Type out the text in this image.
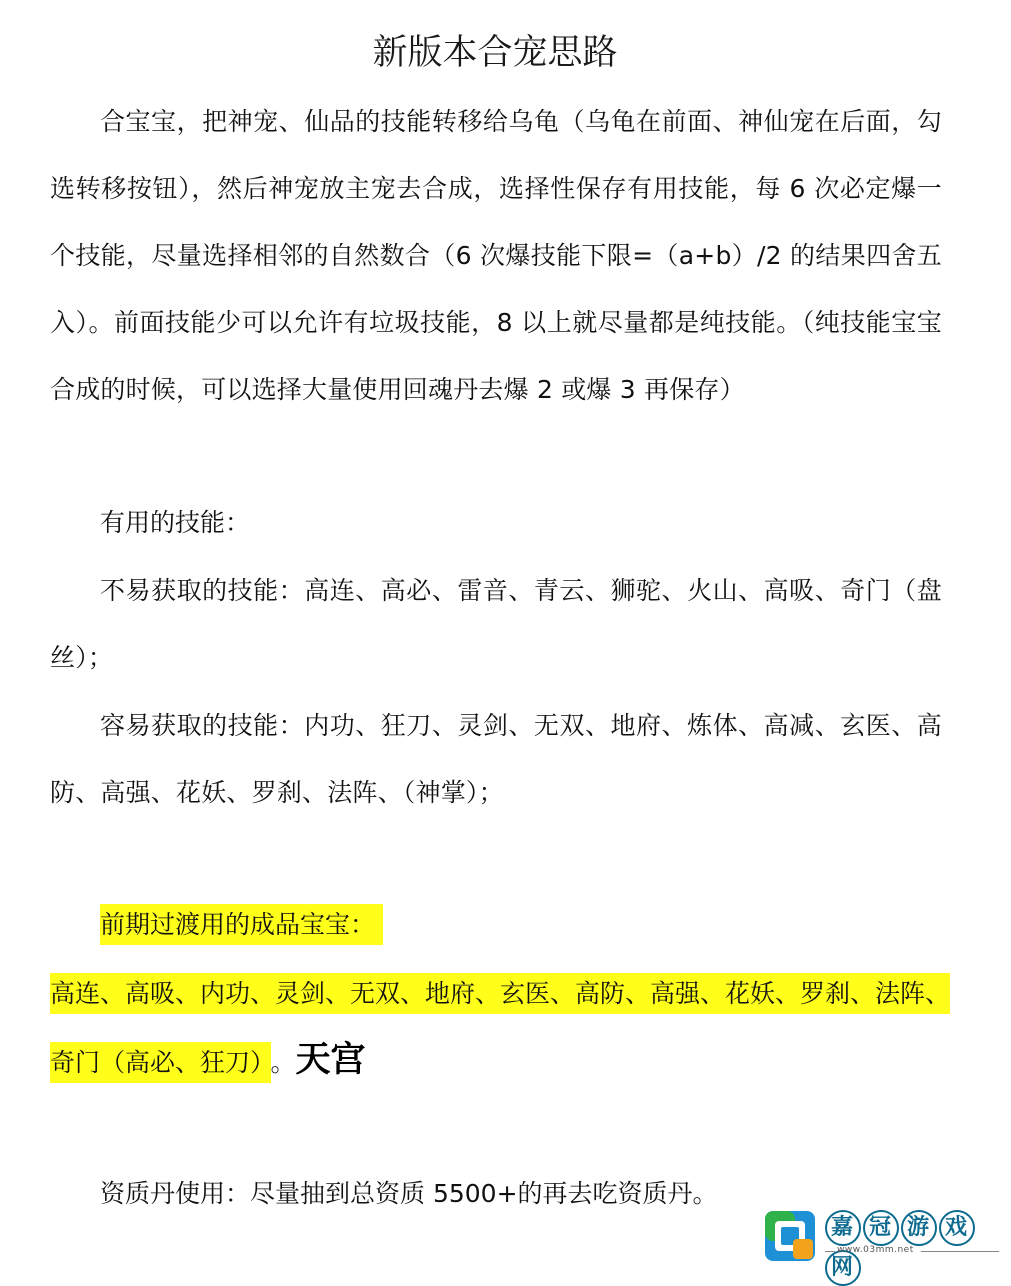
新版本合宠思路

合宝宝，把神宠、仙品的技能转移给乌龟（乌龟在前面、神仙宠在后面，勾选转移按钮），然后神宠放主宠去合成，选择性保存有用技能，每 6 次必定爆一个技能，尽量选择相邻的自然数合（6 次爆技能下限=（a+b）/2 的结果四舍五入）。前面技能少可以允许有垃圾技能，8 以上就尽量都是纯技能。（纯技能宝宝合成的时候，可以选择大量使用回魂丹去爆 2 或爆 3 再保存）

有用的技能：

不易获取的技能：高连、高必、雷音、青云、狮驼、火山、高吸、奇门（盘丝）；

容易获取的技能：内功、狂刀、灵剑、无双、地府、炼体、高减、玄医、高防、高强、花妖、罗刹、法阵、（神掌）；

前期过渡用的成品宝宝：
高连、高吸、内功、灵剑、无双、地府、玄医、高防、高强、花妖、罗刹、法阵、
奇门（高必、狂刀） 。天宫

资质丹使用：尽量抽到总资质 5500+的再去吃资质丹。

嘉 冠 游 戏网
www.03mm.net
